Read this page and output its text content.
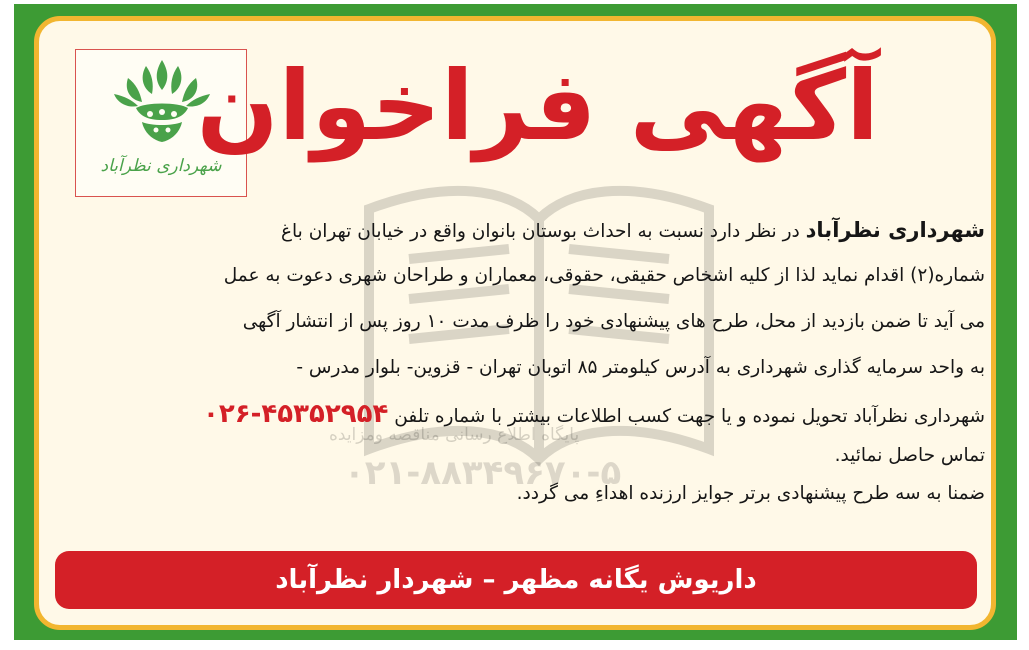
شهرداری نظرآباد
آگهی فراخوان
پایگاه اطلاع رسانی مناقصه ومزایده
۰۲۱-۸۸۳۴۹۶۷۰-۵
شهرداری نظرآباد در نظر دارد نسبت به احداث بوستان بانوان واقع در خیابان تهران باغ
شماره(۲) اقدام نماید لذا از کلیه اشخاص حقیقی، حقوقی، معماران و طراحان شهری دعوت به عمل
می آید تا ضمن بازدید از محل، طرح های پیشنهادی خود را ظرف مدت ۱۰ روز پس از انتشار آگهی
به واحد سرمایه گذاری شهرداری به آدرس کیلومتر ۸۵ اتوبان تهران - قزوین- بلوار مدرس -
شهرداری نظرآباد تحویل نموده و یا جهت کسب اطلاعات بیشتر با شماره تلفن ۰۲۶-۴۵۳۵۲۹۵۴
تماس حاصل نمائید.
ضمنا به سه طرح پیشنهادی برتر جوایز ارزنده اهداءِ می گردد.
داریوش یگانه مظهر – شهردار نظرآباد
